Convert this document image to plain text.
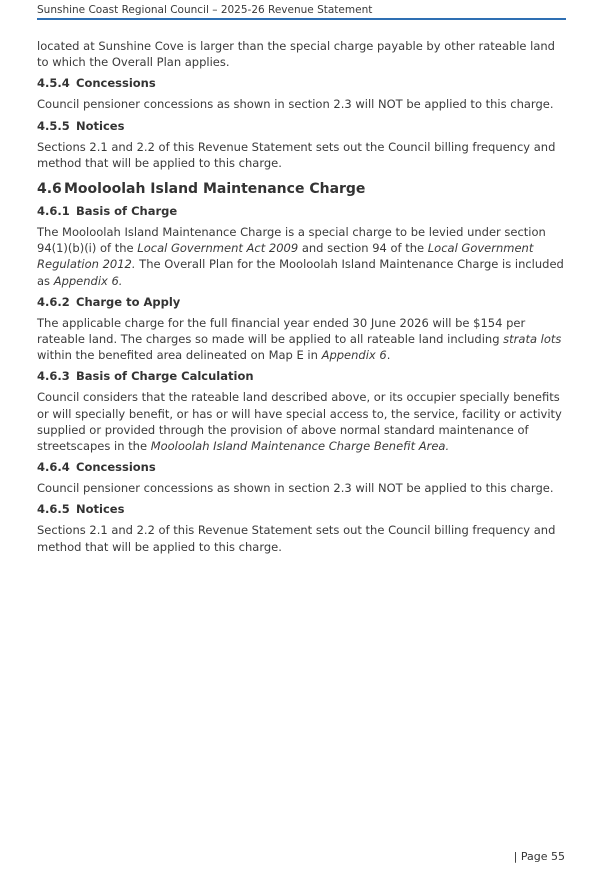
Sunshine Coast Regional Council – 2025-26 Revenue Statement

located at Sunshine Cove is larger than the special charge payable by other rateable land to which the Overall Plan applies.

4.5.4 Concessions

Council pensioner concessions as shown in section 2.3 will NOT be applied to this charge.

4.5.5 Notices

Sections 2.1 and 2.2 of this Revenue Statement sets out the Council billing frequency and method that will be applied to this charge.

4.6 Mooloolah Island Maintenance Charge
4.6.1 Basis of Charge

The Mooloolah Island Maintenance Charge is a special charge to be levied under section 94(1)(b)(i) of the Local Government Act 2009 and section 94 of the Local Government Regulation 2012. The Overall Plan for the Mooloolah Island Maintenance Charge is included as Appendix 6.

4.6.2 Charge to Apply

The applicable charge for the full financial year ended 30 June 2026 will be $154 per rateable land. The charges so made will be applied to all rateable land including strata lots within the benefited area delineated on Map E in Appendix 6.

4.6.3 Basis of Charge Calculation

Council considers that the rateable land described above, or its occupier specially benefits or will specially benefit, or has or will have special access to, the service, facility or activity supplied or provided through the provision of above normal standard maintenance of streetscapes in the Mooloolah Island Maintenance Charge Benefit Area.

4.6.4 Concessions

Council pensioner concessions as shown in section 2.3 will NOT be applied to this charge.

4.6.5 Notices

Sections 2.1 and 2.2 of this Revenue Statement sets out the Council billing frequency and method that will be applied to this charge.

| Page 55
